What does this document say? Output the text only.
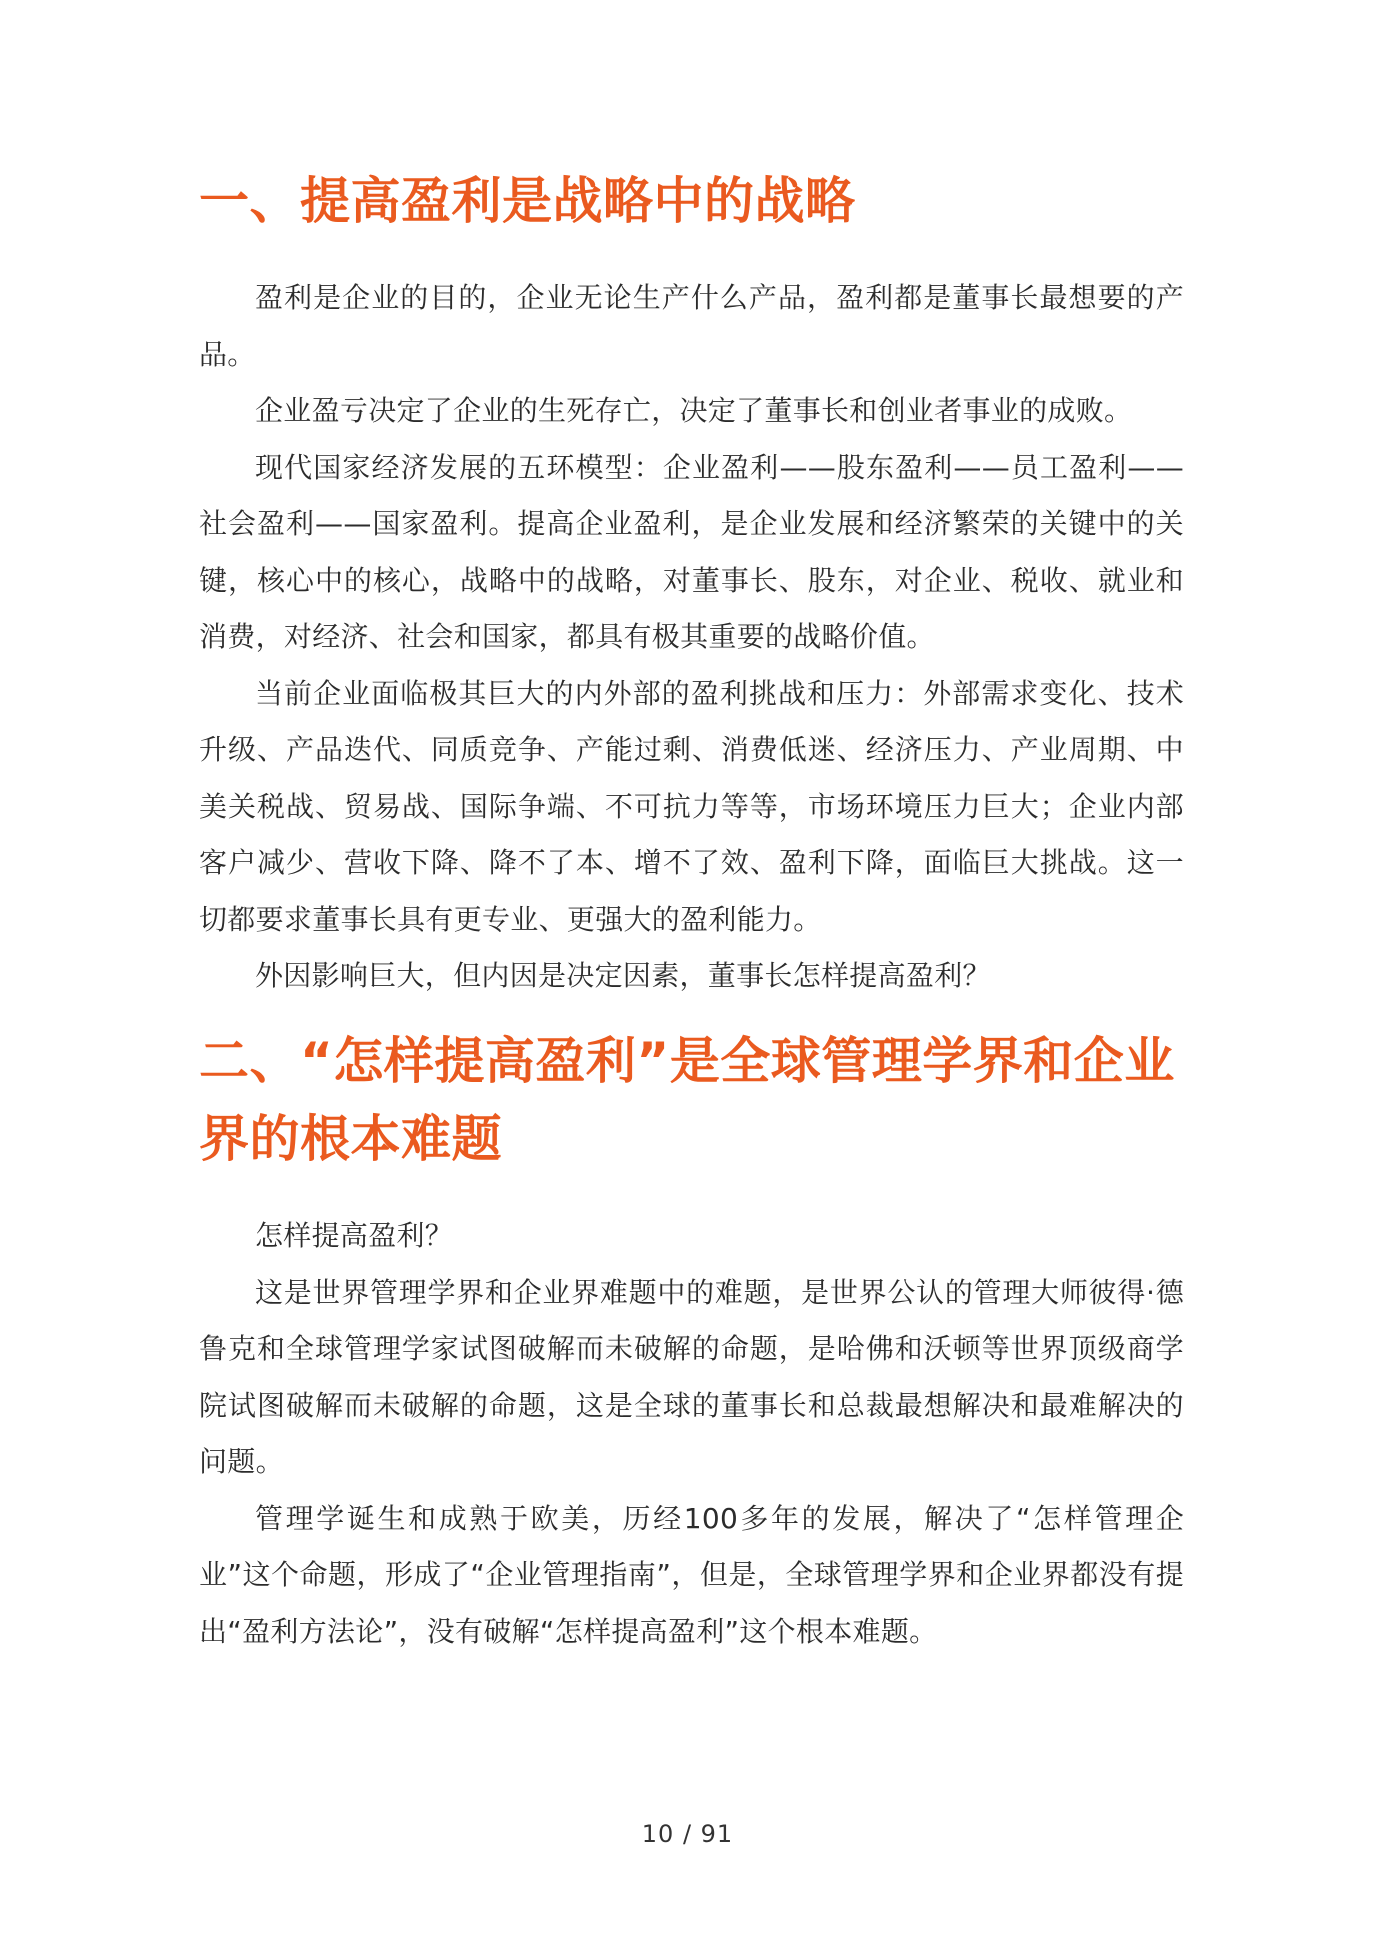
一、提高盈利是战略中的战略

盈利是企业的目的，企业无论生产什么产品，盈利都是董事长最想要的产品。

企业盈亏决定了企业的生死存亡，决定了董事长和创业者事业的成败。

现代国家经济发展的五环模型：企业盈利——股东盈利——员工盈利——社会盈利——国家盈利。提高企业盈利，是企业发展和经济繁荣的关键中的关键，核心中的核心，战略中的战略，对董事长、股东，对企业、税收、就业和消费，对经济、社会和国家，都具有极其重要的战略价值。

当前企业面临极其巨大的内外部的盈利挑战和压力：外部需求变化、技术升级、产品迭代、同质竞争、产能过剩、消费低迷、经济压力、产业周期、中美关税战、贸易战、国际争端、不可抗力等等，市场环境压力巨大；企业内部客户减少、营收下降、降不了本、增不了效、盈利下降，面临巨大挑战。这一切都要求董事长具有更专业、更强大的盈利能力。

外因影响巨大，但内因是决定因素，董事长怎样提高盈利？

二、“怎样提高盈利”是全球管理学界和企业界的根本难题

怎样提高盈利？

这是世界管理学界和企业界难题中的难题，是世界公认的管理大师彼得·德鲁克和全球管理学家试图破解而未破解的命题，是哈佛和沃顿等世界顶级商学院试图破解而未破解的命题，这是全球的董事长和总裁最想解决和最难解决的问题。

管理学诞生和成熟于欧美，历经100多年的发展，解决了“怎样管理企业”这个命题，形成了“企业管理指南”，但是，全球管理学界和企业界都没有提出“盈利方法论”，没有破解“怎样提高盈利”这个根本难题。

10 / 91
